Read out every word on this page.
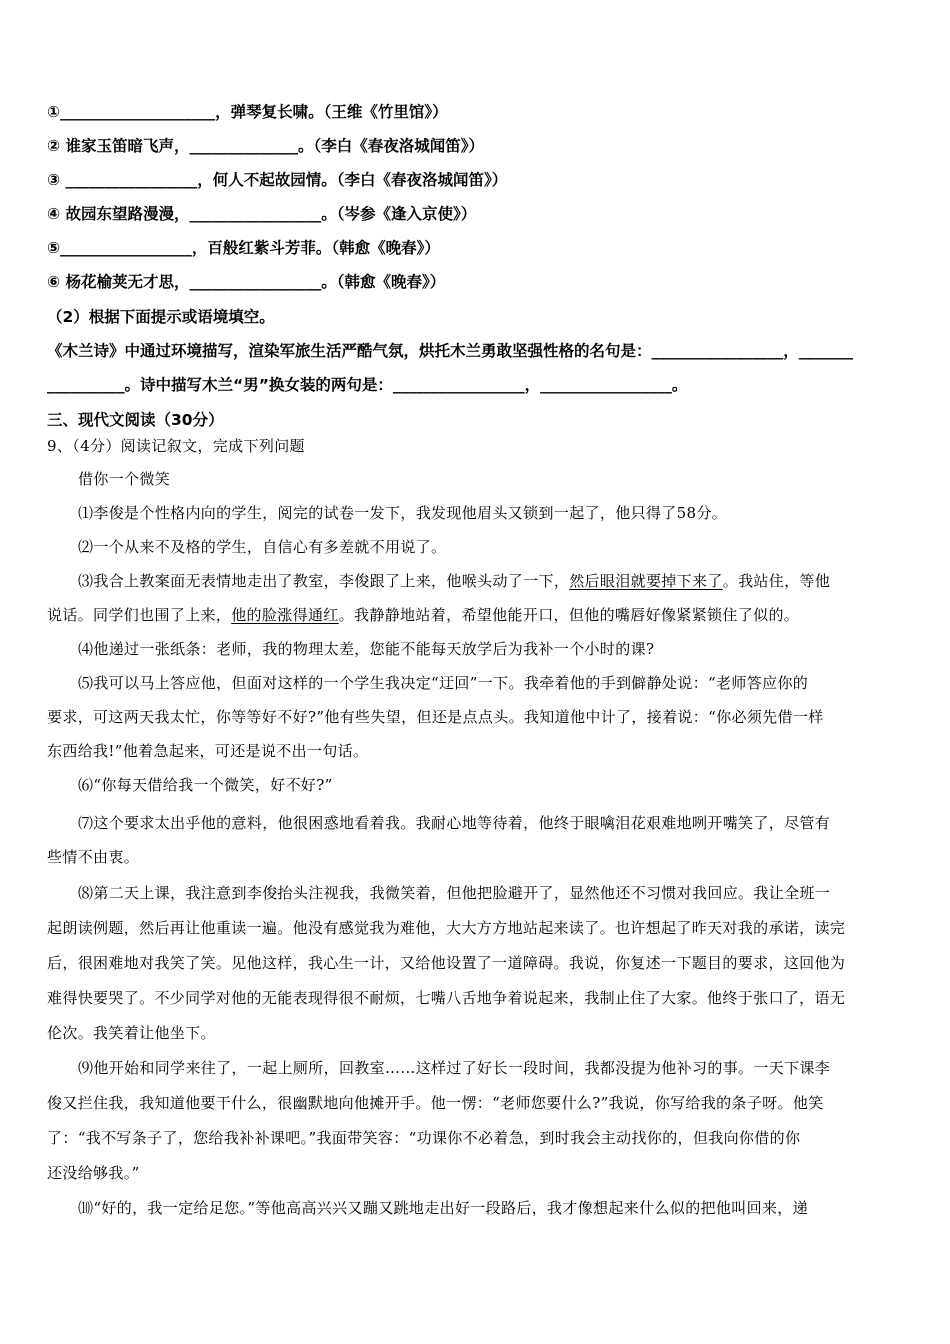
①____________________，弹琴复长啸。（王维《竹里馆》）
② 谁家玉笛暗飞声，______________。（李白《春夜洛城闻笛》）
③ _________________，何人不起故园情。（李白《春夜洛城闻笛》）
④ 故园东望路漫漫，_________________。（岑参《逢入京使》）
⑤_________________，百般红紫斗芳菲。（韩愈《晚春》）
⑥ 杨花榆荚无才思，_________________。（韩愈《晚春》）
（2）根据下面提示或语境填空。
《木兰诗》中通过环境描写，渲染军旅生活严酷气氛，烘托木兰勇敢坚强性格的名句是：_________________，_______
__________。诗中描写木兰“男”换女装的两句是：_________________，_________________。
三、现代文阅读（30分）
9、（4分）阅读记叙文，完成下列问题
借你一个微笑
⑴李俊是个性格内向的学生，阅完的试卷一发下，我发现他眉头又锁到一起了，他只得了58分。
⑵一个从来不及格的学生，自信心有多差就不用说了。
⑶我合上教案面无表情地走出了教室，李俊跟了上来，他喉头动了一下，然后眼泪就要掉下来了。我站住，等他
说话。同学们也围了上来，他的脸涨得通红。我静静地站着，希望他能开口，但他的嘴唇好像紧紧锁住了似的。
⑷他递过一张纸条：老师，我的物理太差，您能不能每天放学后为我补一个小时的课?
⑸我可以马上答应他，但面对这样的一个学生我决定“迂回”一下。我牵着他的手到僻静处说：“老师答应你的
要求，可这两天我太忙，你等等好不好?”他有些失望，但还是点点头。我知道他中计了，接着说：“你必须先借一样
东西给我!”他着急起来，可还是说不出一句话。
⑹“你每天借给我一个微笑，好不好?”
⑺这个要求太出乎他的意料，他很困惑地看着我。我耐心地等待着，他终于眼噙泪花艰难地咧开嘴笑了，尽管有
些情不由衷。
⑻第二天上课，我注意到李俊抬头注视我，我微笑着，但他把脸避开了，显然他还不习惯对我回应。我让全班一
起朗读例题，然后再让他重读一遍。他没有感觉我为难他，大大方方地站起来读了。也许想起了昨天对我的承诺，读完
后，很困难地对我笑了笑。见他这样，我心生一计，又给他设置了一道障碍。我说，你复述一下题目的要求，这回他为
难得快要哭了。不少同学对他的无能表现得很不耐烦，七嘴八舌地争着说起来，我制止住了大家。他终于张口了，语无
伦次。我笑着让他坐下。
⑼他开始和同学来往了，一起上厕所，回教室……这样过了好长一段时间，我都没提为他补习的事。一天下课李
俊又拦住我，我知道他要干什么，很幽默地向他摊开手。他一愣：“老师您要什么?”我说，你写给我的条子呀。他笑
了：“我不写条子了，您给我补补课吧。”我面带笑容：“功课你不必着急，到时我会主动找你的，但我向你借的你
还没给够我。”
⑽“好的，我一定给足您。”等他高高兴兴又蹦又跳地走出好一段路后，我才像想起来什么似的把他叫回来，递
